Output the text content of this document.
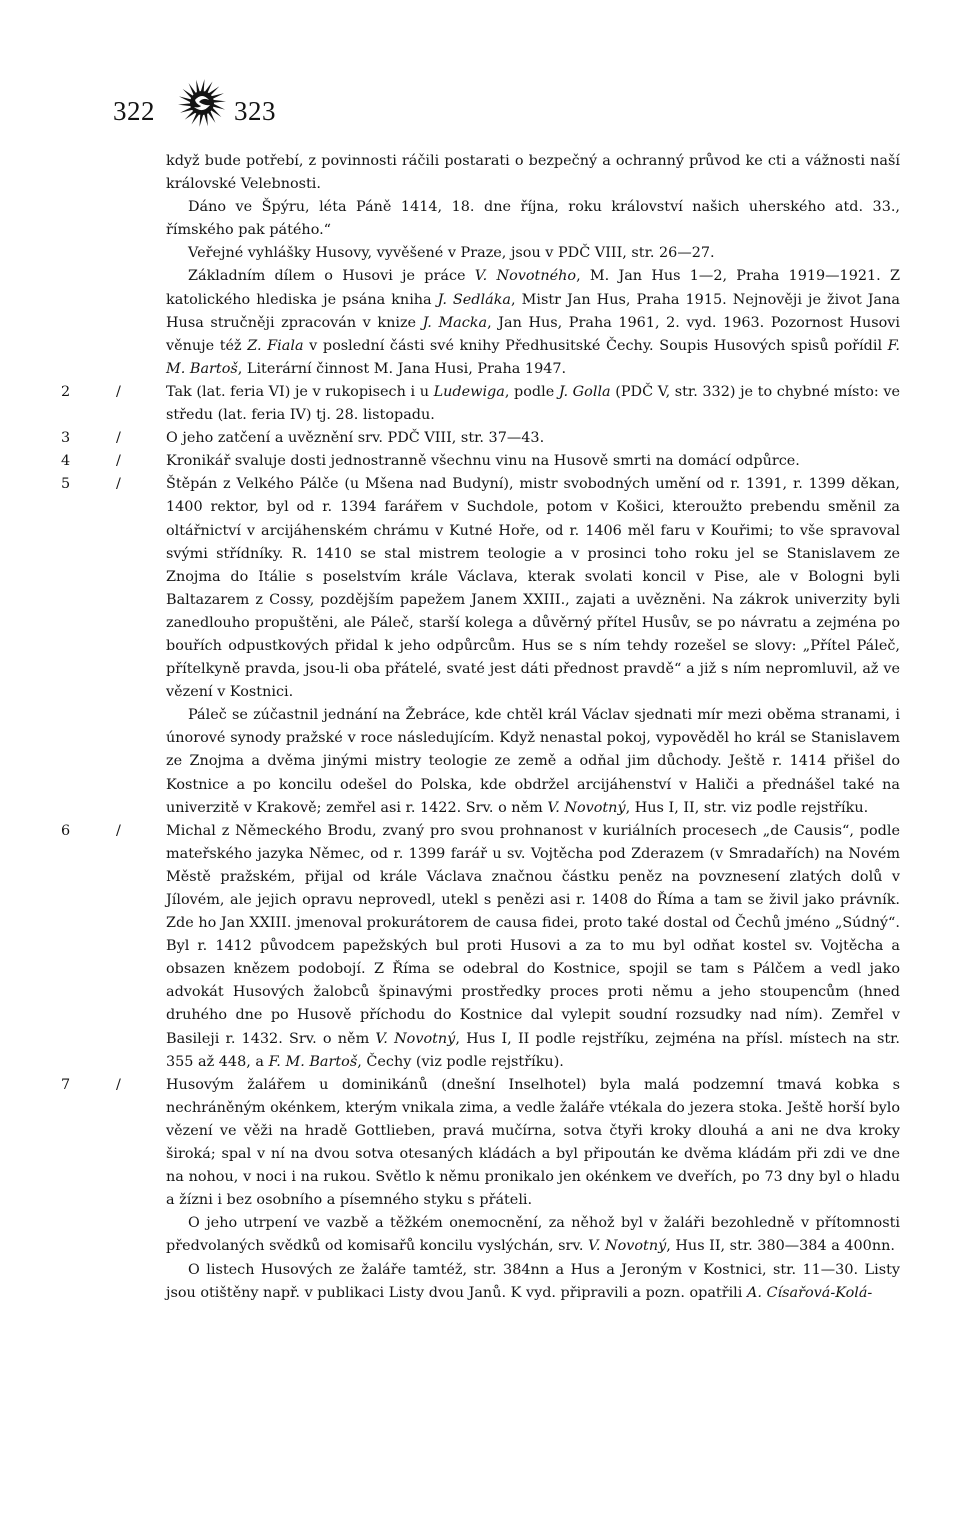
322	323

když bude potřebí, z povinnosti ráčili postarati o bezpečný a ochranný průvod ke cti a vážnosti naší královské Velebnosti.

Dáno ve Špýru, léta Páně 1414, 18. dne října, roku království našich uherského atd. 33., římského pak pátého.“

Veřejné vyhlášky Husovy, vyvěšené v Praze, jsou v PDČ VIII, str. 26—27.

Základním dílem o Husovi je práce V. Novotného, M. Jan Hus 1—2, Praha 1919—1921. Z katolického hlediska je psána kniha J. Sedláka, Mistr Jan Hus, Praha 1915. Nejnověji je život Jana Husa stručněji zpracován v knize J. Macka, Jan Hus, Praha 1961, 2. vyd. 1963. Pozornost Husovi věnuje též Z. Fiala v poslední části své knihy Předhusitské Čechy. Soupis Husových spisů pořídil F. M. Bartoš, Literární činnost M. Jana Husi, Praha 1947.

2	/	Tak (lat. feria VI) je v rukopisech i u Ludewiga, podle J. Golla (PDČ V, str. 332) je to chybné místo: ve středu (lat. feria IV) tj. 28. listopadu.

3	/	O jeho zatčení a uvěznění srv. PDČ VIII, str. 37—43.

4	/	Kronikář svaluje dosti jednostranně všechnu vinu na Husově smrti na domácí odpůrce.

5	/	Štěpán z Velkého Pálče (u Mšena nad Budyní), mistr svobodných umění od r. 1391, r. 1399 děkan, 1400 rektor, byl od r. 1394 farářem v Suchdole, potom v Košici, kteroužto prebendu směnil za oltářnictví v arcijáhenském chrámu v Kutné Hoře, od r. 1406 měl faru v Kouřimi; to vše spravoval svými střídníky. R. 1410 se stal mistrem teologie a v prosinci toho roku jel se Stanislavem ze Znojma do Itálie s poselstvím krále Václava, kterak svolati koncil v Pise, ale v Bologni byli Baltazarem z Cossy, pozdějším papežem Janem XXIII., zajati a uvězněni. Na zákrok univerzity byli zanedlouho propuštěni, ale Páleč, starší kolega a důvěrný přítel Husův, se po návratu a zejména po bouřích odpustkových přidal k jeho odpůrcům. Hus se s ním tehdy rozešel se slovy: „Přítel Páleč, přítelkyně pravda, jsou-li oba přátelé, svaté jest dáti přednost pravdě“ a již s ním nepromluvil, až ve vězení v Kostnici.

Páleč se zúčastnil jednání na Žebráce, kde chtěl král Václav sjednati mír mezi oběma stranami, i únorové synody pražské v roce následujícím. Když nenastal pokoj, vypověděl ho král se Stanislavem ze Znojma a dvěma jinými mistry teologie ze země a odňal jim důchody. Ještě r. 1414 přišel do Kostnice a po koncilu odešel do Polska, kde obdržel arcijáhenství v Haliči a přednášel také na univerzitě v Krakově; zemřel asi r. 1422. Srv. o něm V. Novotný, Hus I, II, str. viz podle rejstříku.

6	/	Michal z Německého Brodu, zvaný pro svou prohnanost v kuriálních procesech „de Causis“, podle mateřského jazyka Němec, od r. 1399 farář u sv. Vojtěcha pod Zderazem (v Smradařích) na Novém Městě pražském, přijal od krále Václava značnou částku peněz na povznesení zlatých dolů v Jílovém, ale jejich opravu neprovedl, utekl s penězi asi r. 1408 do Říma a tam se živil jako právník. Zde ho Jan XXIII. jmenoval prokurátorem de causa fidei, proto také dostal od Čechů jméno „Súdný“. Byl r. 1412 původcem papežských bul proti Husovi a za to mu byl odňat kostel sv. Vojtěcha a obsazen knězem podobojí. Z Říma se odebral do Kostnice, spojil se tam s Pálčem a vedl jako advokát Husových žalobců špinavými prostředky proces proti němu a jeho stoupencům (hned druhého dne po Husově příchodu do Kostnice dal vylepit soudní rozsudky nad ním). Zemřel v Basileji r. 1432. Srv. o něm V. Novotný, Hus I, II podle rejstříku, zejména na přísl. místech na str. 355 až 448, a F. M. Bartoš, Čechy (viz podle rejstříku).

7	/	Husovým žalářem u dominikánů (dnešní Inselhotel) byla malá podzemní tmavá kobka s nechráněným okénkem, kterým vnikala zima, a vedle žaláře vtékala do jezera stoka. Ještě horší bylo vězení ve věži na hradě Gottlieben, pravá mučírna, sotva čtyři kroky dlouhá a ani ne dva kroky široká; spal v ní na dvou sotva otesaných kládách a byl připoután ke dvěma kládám při zdi ve dne na nohou, v noci i na rukou. Světlo k němu pronikalo jen okénkem ve dveřích, po 73 dny byl o hladu a žízni i bez osobního a písemného styku s přáteli.

O jeho utrpení ve vazbě a těžkém onemocnění, za něhož byl v žaláři bezohledně v přítomnosti předvolaných svědků od komisařů koncilu vyslýchán, srv. V. Novotný, Hus II, str. 380—384 a 400nn.

O listech Husových ze žaláře tamtéž, str. 384nn a Hus a Jeroným v Kostnici, str. 11—30. Listy jsou otištěny např. v publikaci Listy dvou Janů. K vyd. připravili a pozn. opatřili A. Císařová-Kolá-
